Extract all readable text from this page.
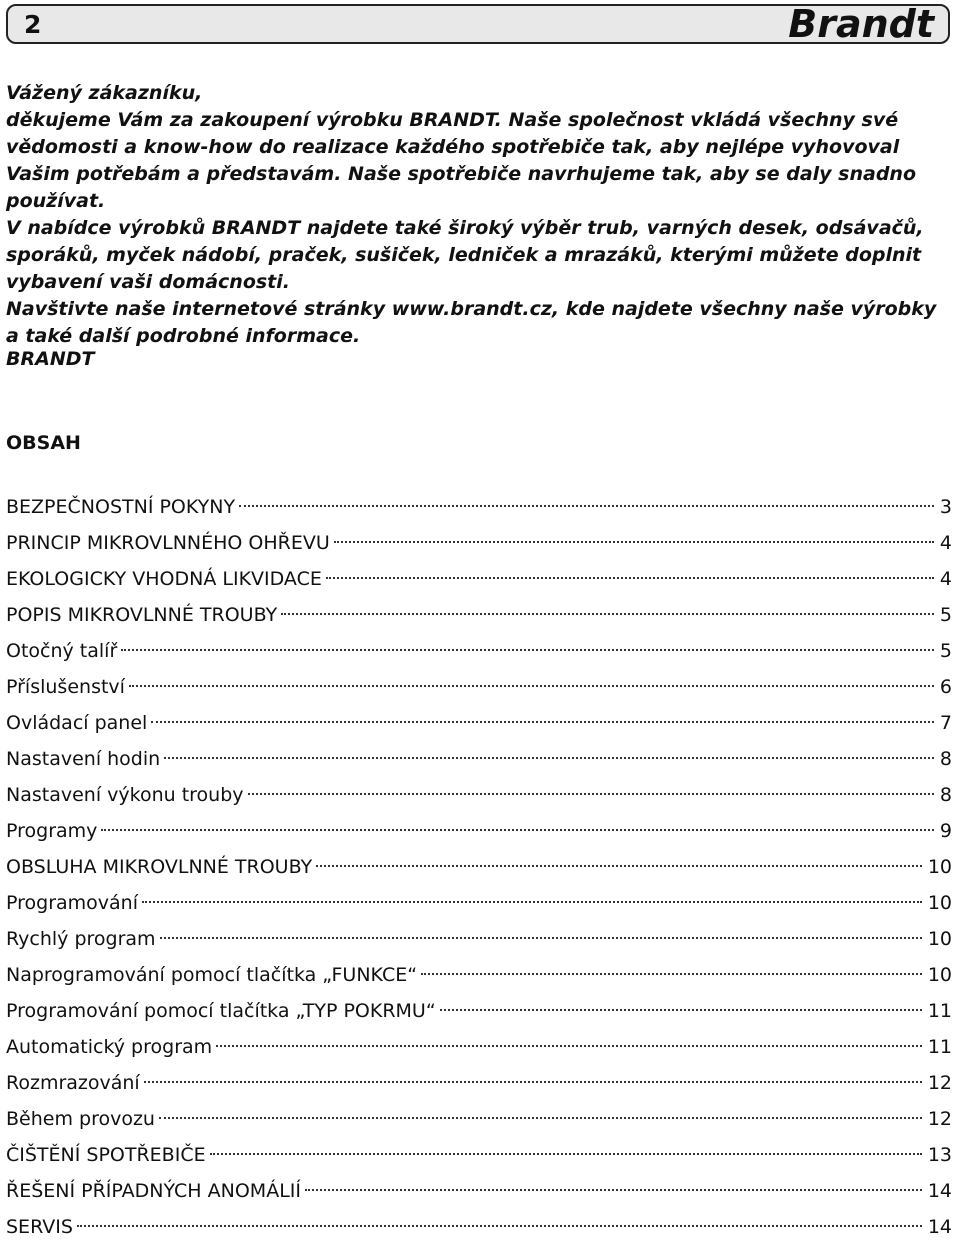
2	Brandt

Vážený zákazníku,

děkujeme Vám za zakoupení výrobku BRANDT. Naše společnost vkládá všechny své vědomosti a know-how do realizace každého spotřebiče tak, aby nejlépe vyhovoval Vašim potřebám a představám. Naše spotřebiče navrhujeme tak, aby se daly snadno používat.

V nabídce výrobků BRANDT najdete také široký výběr trub, varných desek, odsávačů, sporáků, myček nádobí, praček, sušiček, ledniček a mrazáků, kterými můžete doplnit vybavení vaši domácnosti.

Navštivte naše internetové stránky www.brandt.cz, kde najdete všechny naše výrobky a také další podrobné informace.

BRANDT
OBSAH
BEZPEČNOSTNÍ POKYNY	3
PRINCIP MIKROVLNNÉHO OHŘEVU	4
EKOLOGICKY VHODNÁ LIKVIDACE	4
POPIS MIKROVLNNÉ TROUBY	5
Otočný talíř	5
Příslušenství	6
Ovládací panel	7
Nastavení hodin	8
Nastavení výkonu trouby	8
Programy	9
OBSLUHA MIKROVLNNÉ TROUBY	10
Programování	10
Rychlý program	10
Naprogramování pomocí tlačítka „FUNKCE“	10
Programování pomocí tlačítka „TYP POKRMU“	11
Automatický program	11
Rozmrazování	12
Během provozu	12
ČIŠTĚNÍ SPOTŘEBIČE	13
ŘEŠENÍ PŘÍPADNÝCH ANOMÁLIÍ	14
SERVIS	14
